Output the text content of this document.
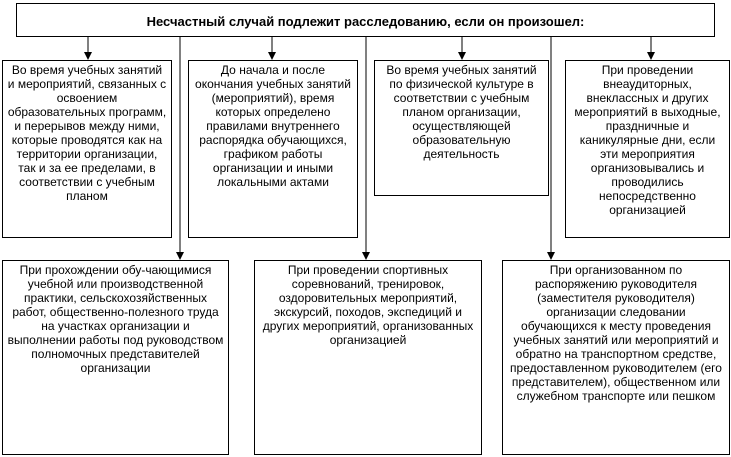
Несчастный случай подлежит расследованию, если он произошел:
Во время учебных занятий и мероприятий, связанных с освоением образовательных программ, и перерывов между ними, которые проводятся как на территории организации, так и за ее пределами, в соответствии с учебным планом
До начала и после окончания учебных занятий (мероприятий), время которых определено правилами внутреннего распорядка обучающихся, графиком работы организации и иными локальными актами
Во время учебных занятий по физической культуре в соответствии с учебным планом организации, осуществляющей образовательную деятельность
При проведении внеаудиторных, внеклассных и других мероприятий в выходные, праздничные и каникулярные дни, если эти мероприятия организовывались и проводились непосредственно организацией
При прохождении обу-чающимися учебной или производственной практики, сельскохозяйственных работ, общественно-полезного труда на участках организации и выполнении работы под руководством полномочных представителей организации
При проведении спортивных соревнований, тренировок, оздоровительных мероприятий, экскурсий, походов, экспедиций и других мероприятий, организованных организацией
При организованном по распоряжению руководителя (заместителя руководителя) организации следовании обучающихся к месту проведения учебных занятий или мероприятий и обратно на транспортном средстве, предоставленном руководителем (его представителем), общественном или служебном транспорте или пешком
